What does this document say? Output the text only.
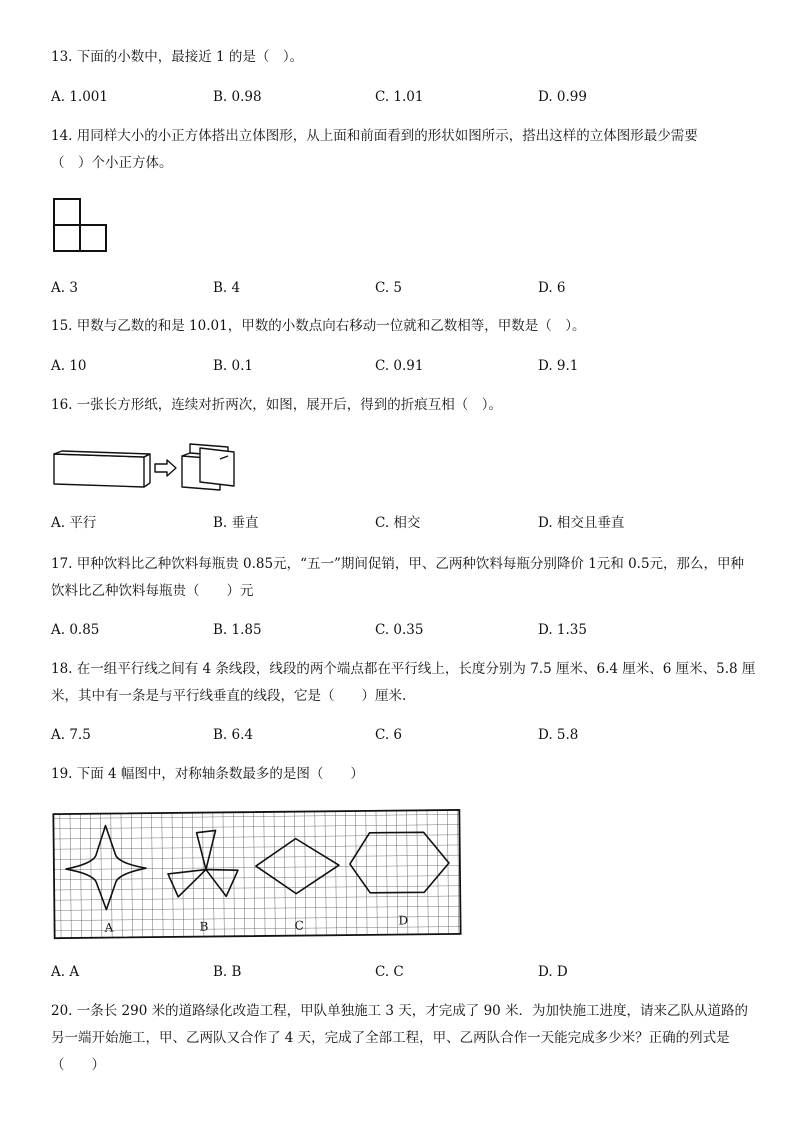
13. 下面的小数中，最接近 1 的是（　）。
A. 1.001	B. 0.98	C. 1.01	D. 0.99
14. 用同样大小的小正方体搭出立体图形，从上面和前面看到的形状如图所示，搭出这样的立体图形最少需要
（　）个小正方体。
A. 3	B. 4	C. 5	D. 6
15. 甲数与乙数的和是 10.01，甲数的小数点向右移动一位就和乙数相等，甲数是（　）。
A. 10	B. 0.1	C. 0.91	D. 9.1
16. 一张长方形纸，连续对折两次，如图，展开后，得到的折痕互相（　）。
A. 平行	B. 垂直	C. 相交	D. 相交且垂直
17. 甲种饮料比乙种饮料每瓶贵 0.85元，“五一”期间促销，甲、乙两种饮料每瓶分别降价 1元和 0.5元，那么，甲种
饮料比乙种饮料每瓶贵（　　）元
A. 0.85	B. 1.85	C. 0.35	D. 1.35
18. 在一组平行线之间有 4 条线段，线段的两个端点都在平行线上，长度分别为 7.5 厘米、6.4 厘米、6 厘米、5.8 厘
米，其中有一条是与平行线垂直的线段，它是（　　）厘米.
A. 7.5	B. 6.4	C. 6	D. 5.8
19. 下面 4 幅图中，对称轴条数最多的是图（　　）
A	B	C	D
A. A	B. B	C. C	D. D
20. 一条长 290 米的道路绿化改造工程，甲队单独施工 3 天，才完成了 90 米．为加快施工进度，请来乙队从道路的
另一端开始施工，甲、乙两队又合作了 4 天，完成了全部工程，甲、乙两队合作一天能完成多少米？正确的列式是
（　　）
